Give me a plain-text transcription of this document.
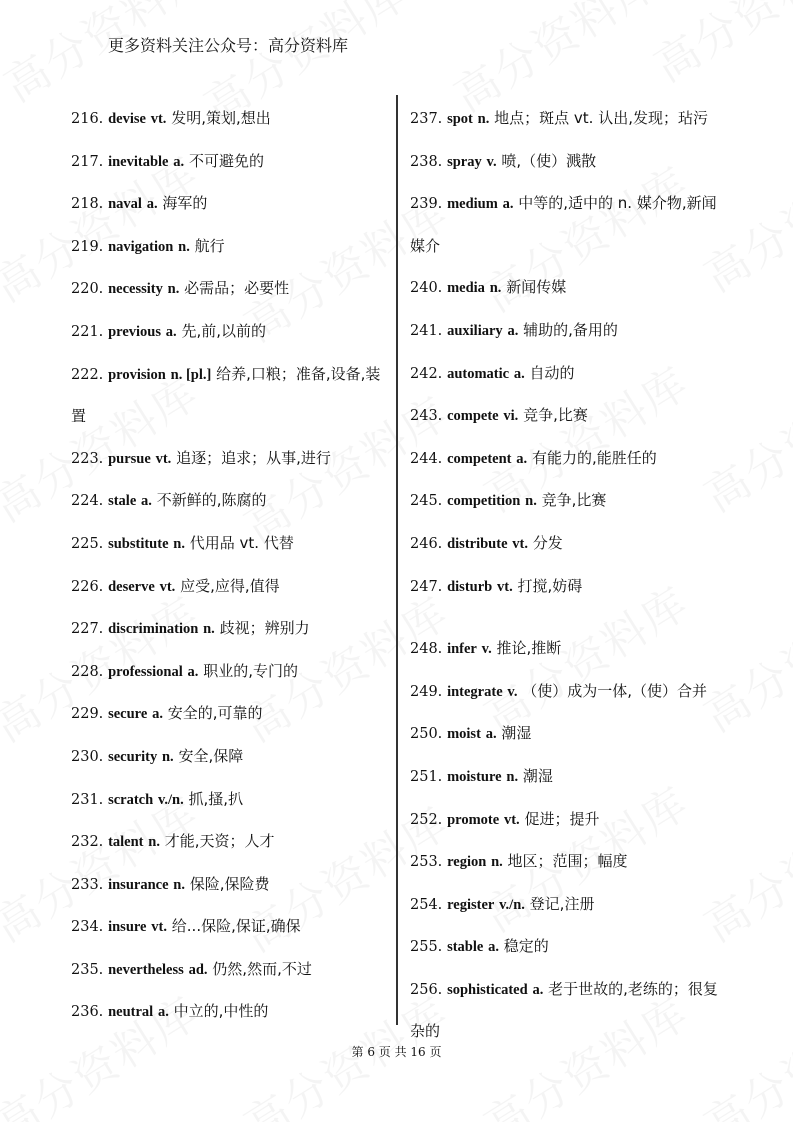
更多资料关注公众号：高分资料库
216. devise vt. 发明,策划,想出
217. inevitable a. 不可避免的
218. naval a. 海军的
219. navigation n. 航行
220. necessity n. 必需品；必要性
221. previous a. 先,前,以前的
222. provision n. [pl.] 给养,口粮；准备,设备,装置
223. pursue vt. 追逐；追求；从事,进行
224. stale a. 不新鲜的,陈腐的
225. substitute n. 代用品 vt. 代替
226. deserve vt. 应受,应得,值得
227. discrimination n. 歧视；辨别力
228. professional a. 职业的,专门的
229. secure a. 安全的,可靠的
230. security n. 安全,保障
231. scratch v./n. 抓,搔,扒
232. talent n. 才能,天资；人才
233. insurance n. 保险,保险费
234. insure vt. 给...保险,保证,确保
235. nevertheless ad. 仍然,然而,不过
236. neutral a. 中立的,中性的
237. spot n. 地点；斑点 vt. 认出,发现；玷污
238. spray v. 喷,（使）溅散
239. medium a. 中等的,适中的 n. 媒介物,新闻媒介
240. media n. 新闻传媒
241. auxiliary a. 辅助的,备用的
242. automatic a. 自动的
243. compete vi. 竞争,比赛
244. competent a. 有能力的,能胜任的
245. competition n. 竞争,比赛
246. distribute vt. 分发
247. disturb vt. 打搅,妨碍
248. infer v. 推论,推断
249. integrate v. （使）成为一体,（使）合并
250. moist a. 潮湿
251. moisture n. 潮湿
252. promote vt. 促进；提升
253. region n. 地区；范围；幅度
254. register v./n. 登记,注册
255. stable a. 稳定的
256. sophisticated a. 老于世故的,老练的；很复杂的
第 6 页 共 16 页
